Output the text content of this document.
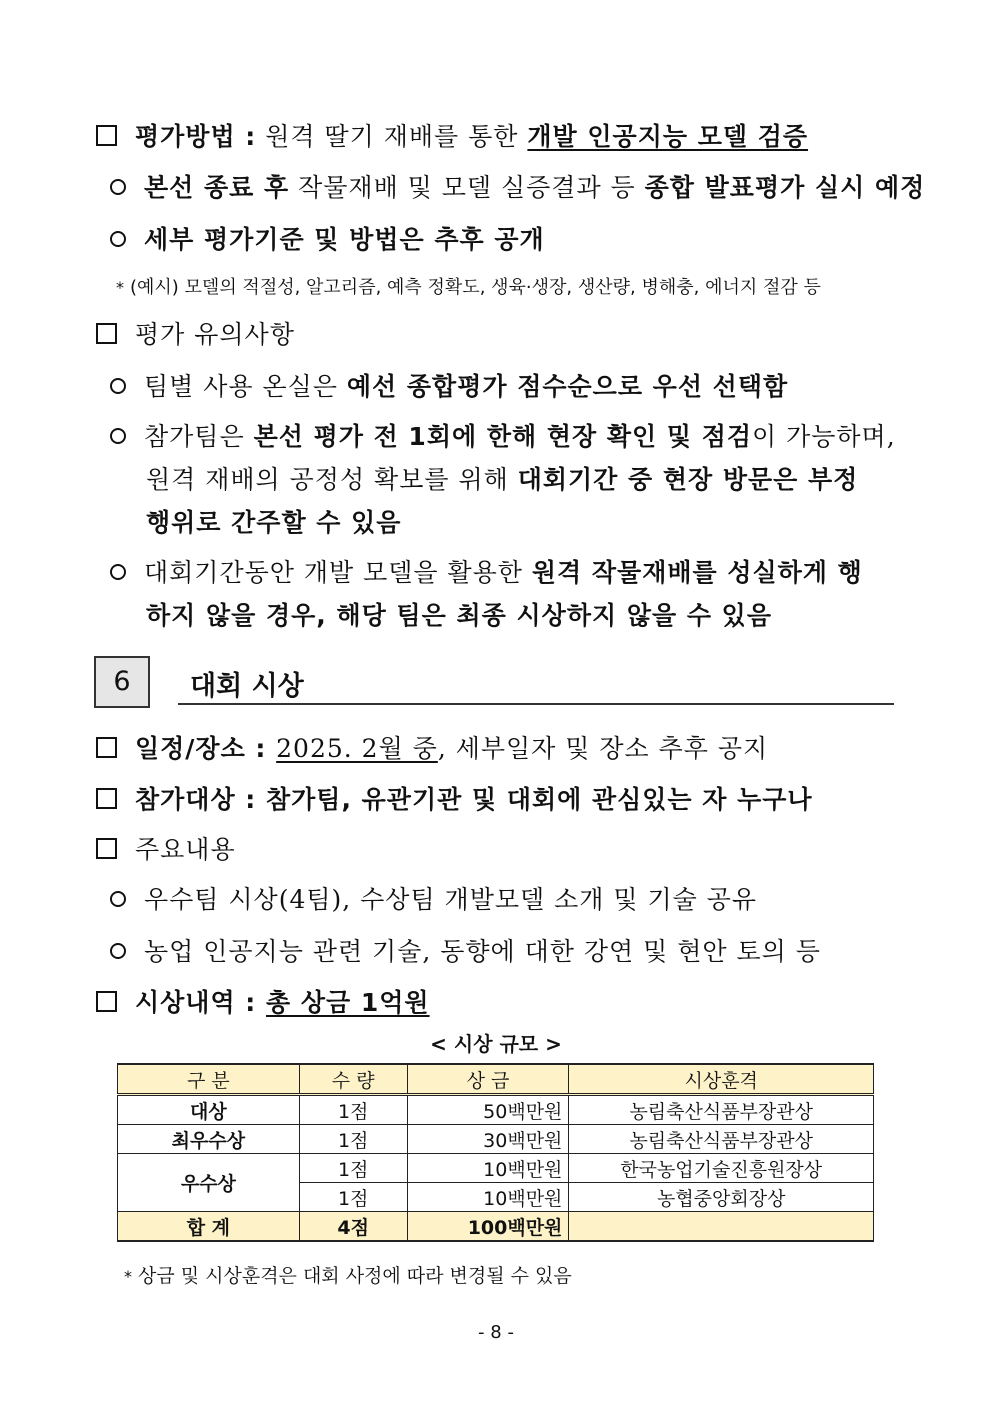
평가방법 : 원격 딸기 재배를 통한 개발 인공지능 모델 검증
본선 종료 후 작물재배 및 모델 실증결과 등 종합 발표평가 실시 예정
세부 평가기준 및 방법은 추후 공개
* (예시) 모델의 적절성, 알고리즘, 예측 정확도, 생육·생장, 생산량, 병해충, 에너지 절감 등
평가 유의사항
팀별 사용 온실은 예선 종합평가 점수순으로 우선 선택함
참가팀은 본선 평가 전 1회에 한해 현장 확인 및 점검이 가능하며,
원격 재배의 공정성 확보를 위해 대회기간 중 현장 방문은 부정
행위로 간주할 수 있음
대회기간동안 개발 모델을 활용한 원격 작물재배를 성실하게 행
하지 않을 경우, 해당 팀은 최종 시상하지 않을 수 있음
6	대회 시상
일정/장소 : 2025. 2월 중, 세부일자 및 장소 추후 공지
참가대상 : 참가팀, 유관기관 및 대회에 관심있는 자 누구나
주요내용
우수팀 시상(4팀), 수상팀 개발모델 소개 및 기술 공유
농업 인공지능 관련 기술, 동향에 대한 강연 및 현안 토의 등
시상내역 : 총 상금 1억원
< 시상 규모 >
구 분	수 량	상 금	시상훈격
대상	1점	50백만원	농림축산식품부장관상
최우수상	1점	30백만원	농림축산식품부장관상
우수상	1점	10백만원	한국농업기술진흥원장상
	1점	10백만원	농협중앙회장상
합 계	4점	100백만원	
* 상금 및 시상훈격은 대회 사정에 따라 변경될 수 있음
- 8 -
